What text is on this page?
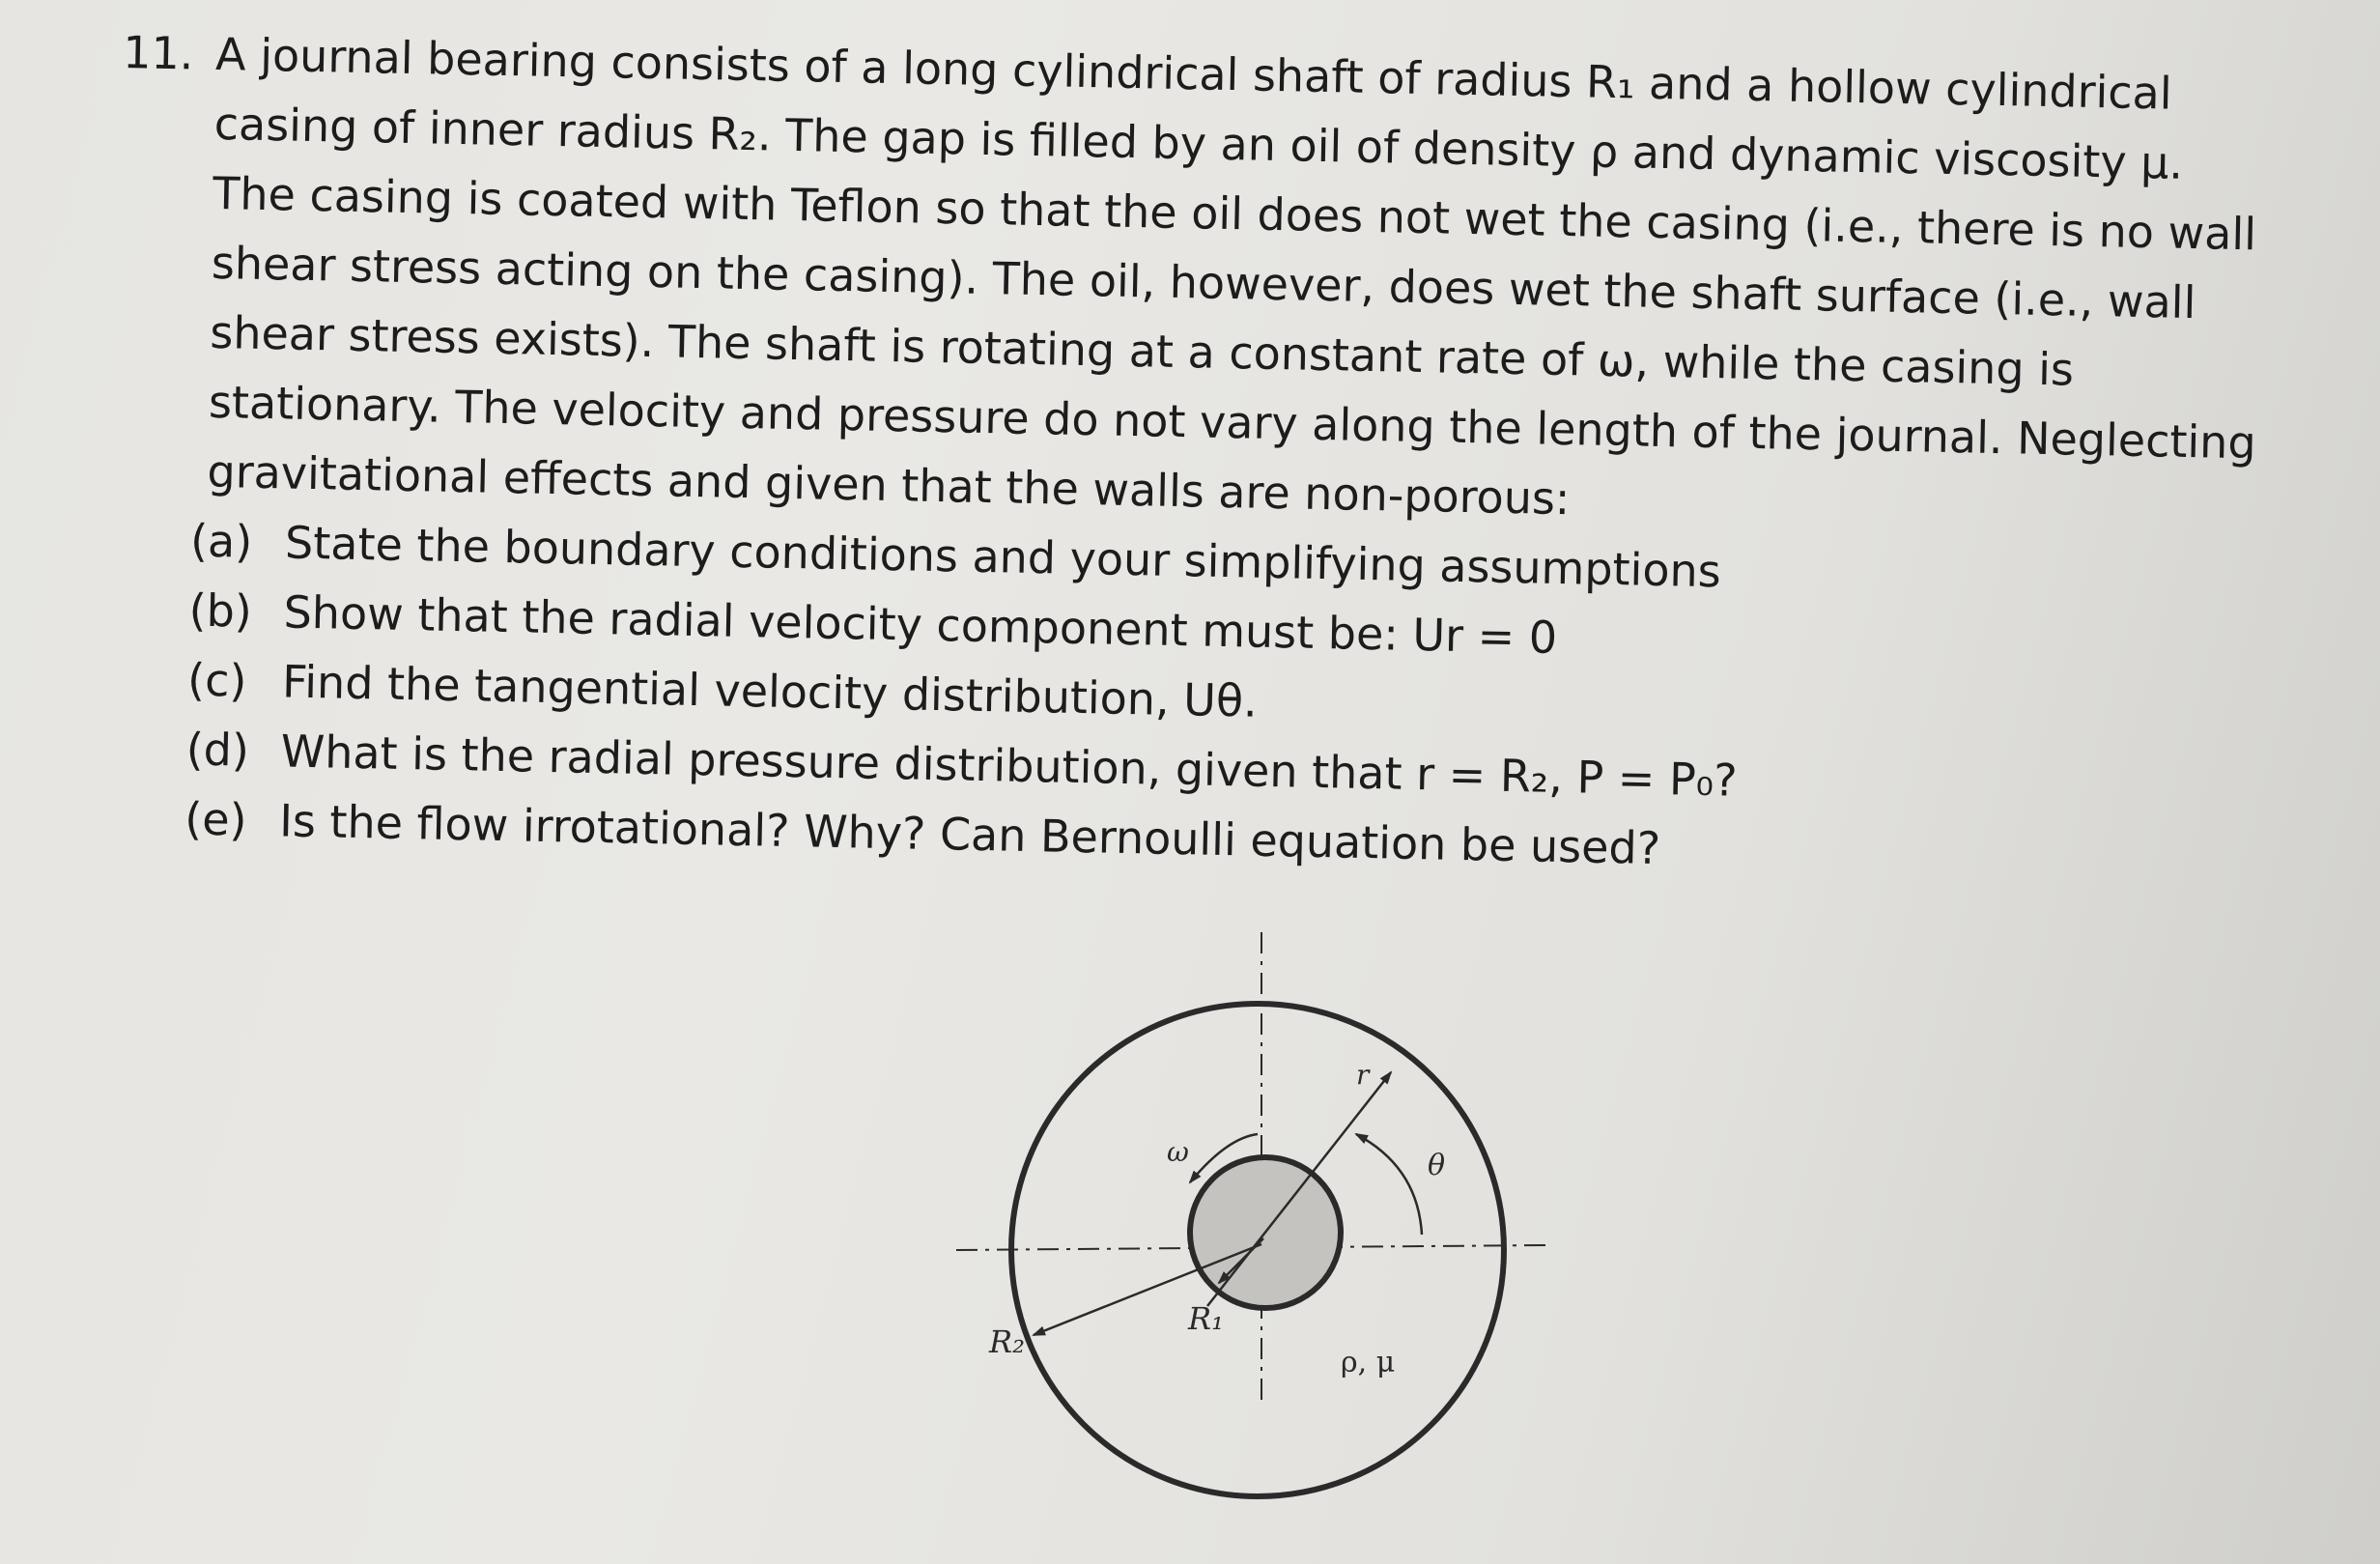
11. A journal bearing consists of a long cylindrical shaft of radius R₁ and a hollow cylindrical casing of inner radius R₂. The gap is filled by an oil of density ρ and dynamic viscosity μ. The casing is coated with Teflon so that the oil does not wet the casing (i.e., there is no wall shear stress acting on the casing). The oil, however, does wet the shaft surface (i.e., wall shear stress exists). The shaft is rotating at a constant rate of ω, while the casing is stationary. The velocity and pressure do not vary along the length of the journal. Neglecting gravitational effects and given that the walls are non-porous:
(a) State the boundary conditions and your simplifying assumptions
(b) Show that the radial velocity component must be: Ur = 0
(c) Find the tangential velocity distribution, Uθ.
(d) What is the radial pressure distribution, given that r = R₂, P = P₀?
(e) Is the flow irrotational? Why? Can Bernoulli equation be used?
ω
r
θ
R₁
R₂
ρ, μ
